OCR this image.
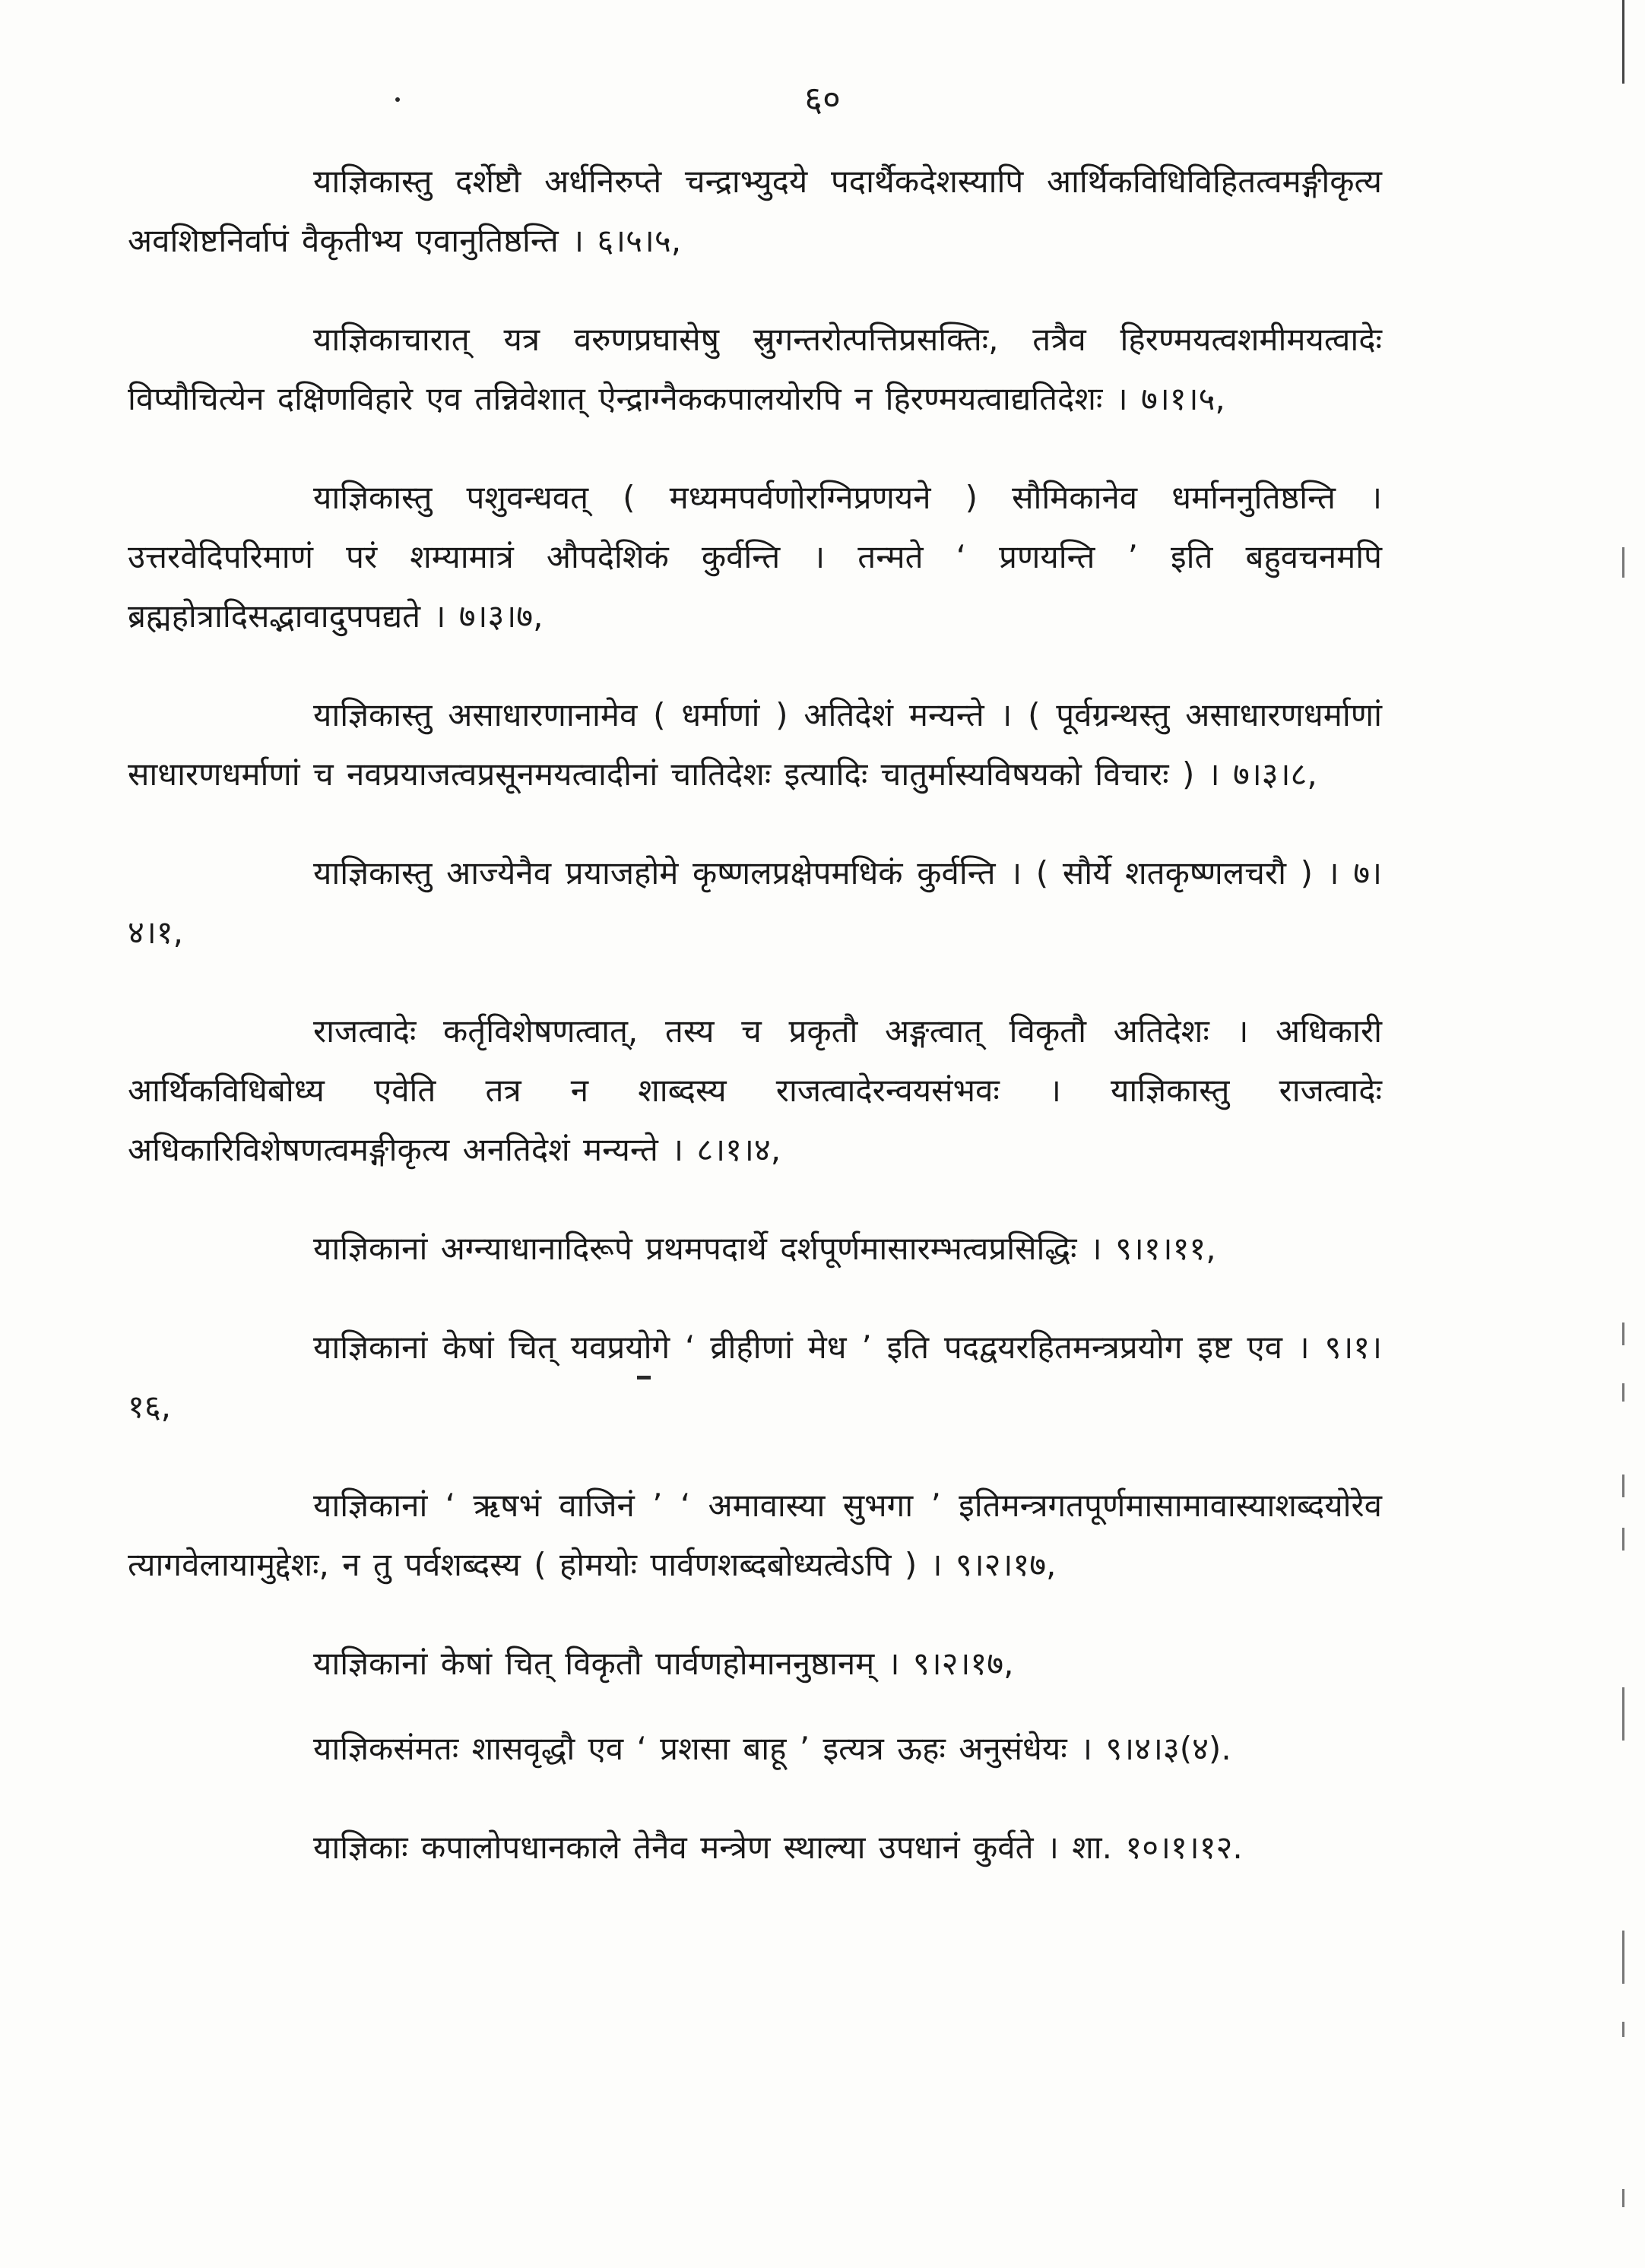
६०

याज्ञिकास्तु दर्शेष्टौ अर्धनिरुप्ते चन्द्राभ्युदये पदार्थैकदेशस्यापि आर्थिकविधिविहितत्वमङ्गीकृत्य अवशिष्टनिर्वापं वैकृतीभ्य एवानुतिष्ठन्ति । ६।५।५,

याज्ञिकाचारात् यत्र वरुणप्रघासेषु स्रुगन्तरोत्पत्तिप्रसक्तिः, तत्रैव हिरण्मयत्वशमीमयत्वादेः विप्यौचित्येन दक्षिणविहारे एव तन्निवेशात् ऐन्द्राग्नैककपालयोरपि न हिरण्मयत्वाद्यतिदेशः । ७।१।५,

याज्ञिकास्तु पशुवन्धवत् ( मध्यमपर्वणोरग्निप्रणयने ) सौमिकानेव धर्माननुतिष्ठन्ति । उत्तरवेदिपरिमाणं परं शम्यामात्रं औपदेशिकं कुर्वन्ति । तन्मते ‘ प्रणयन्ति ’ इति बहुवचनमपि ब्रह्महोत्रादिसद्भावादुपपद्यते । ७।३।७,

याज्ञिकास्तु असाधारणानामेव ( धर्माणां ) अतिदेशं मन्यन्ते । ( पूर्वग्रन्थस्तु असाधारणधर्माणां साधारणधर्माणां च नवप्रयाजत्वप्रसूनमयत्वादीनां चातिदेशः इत्यादिः चातुर्मास्यविषयको विचारः ) । ७।३।८,

याज्ञिकास्तु आज्येनैव प्रयाजहोमे कृष्णलप्रक्षेपमधिकं कुर्वन्ति । ( सौर्ये शतकृष्णलचरौ ) । ७।४।१,

राजत्वादेः कर्तृविशेषणत्वात्, तस्य च प्रकृतौ अङ्गत्वात् विकृतौ अतिदेशः । अधिकारी आर्थिकविधिबोध्य एवेति तत्र न शाब्दस्य राजत्वादेरन्वयसंभवः । याज्ञिकास्तु राजत्वादेः अधिकारिविशेषणत्वमङ्गीकृत्य अनतिदेशं मन्यन्ते । ८।१।४,

याज्ञिकानां अग्न्याधानादिरूपे प्रथमपदार्थे दर्शपूर्णमासारम्भत्वप्रसिद्धिः । ९।१।११,

याज्ञिकानां केषां चित् यवप्रयोगे ‘ व्रीहीणां मेध ’ इति पदद्वयरहितमन्त्रप्रयोग इष्ट एव । ९।१।१६,

याज्ञिकानां ‘ ऋषभं वाजिनं ’ ‘ अमावास्या सुभगा ’ इतिमन्त्रगतपूर्णमासामावास्याशब्दयोरेव त्यागवेलायामुद्देशः, न तु पर्वशब्दस्य ( होमयोः पार्वणशब्दबोध्यत्वेऽपि ) । ९।२।१७,

याज्ञिकानां केषां चित् विकृतौ पार्वणहोमाननुष्ठानम् । ९।२।१७,

याज्ञिकसंमतः शासवृद्धौ एव ‘ प्रशसा बाहू ’ इत्यत्र ऊहः अनुसंधेयः । ९।४।३(४).

याज्ञिकाः कपालोपधानकाले तेनैव मन्त्रेण स्थाल्या उपधानं कुर्वते । शा. १०।१।१२.
